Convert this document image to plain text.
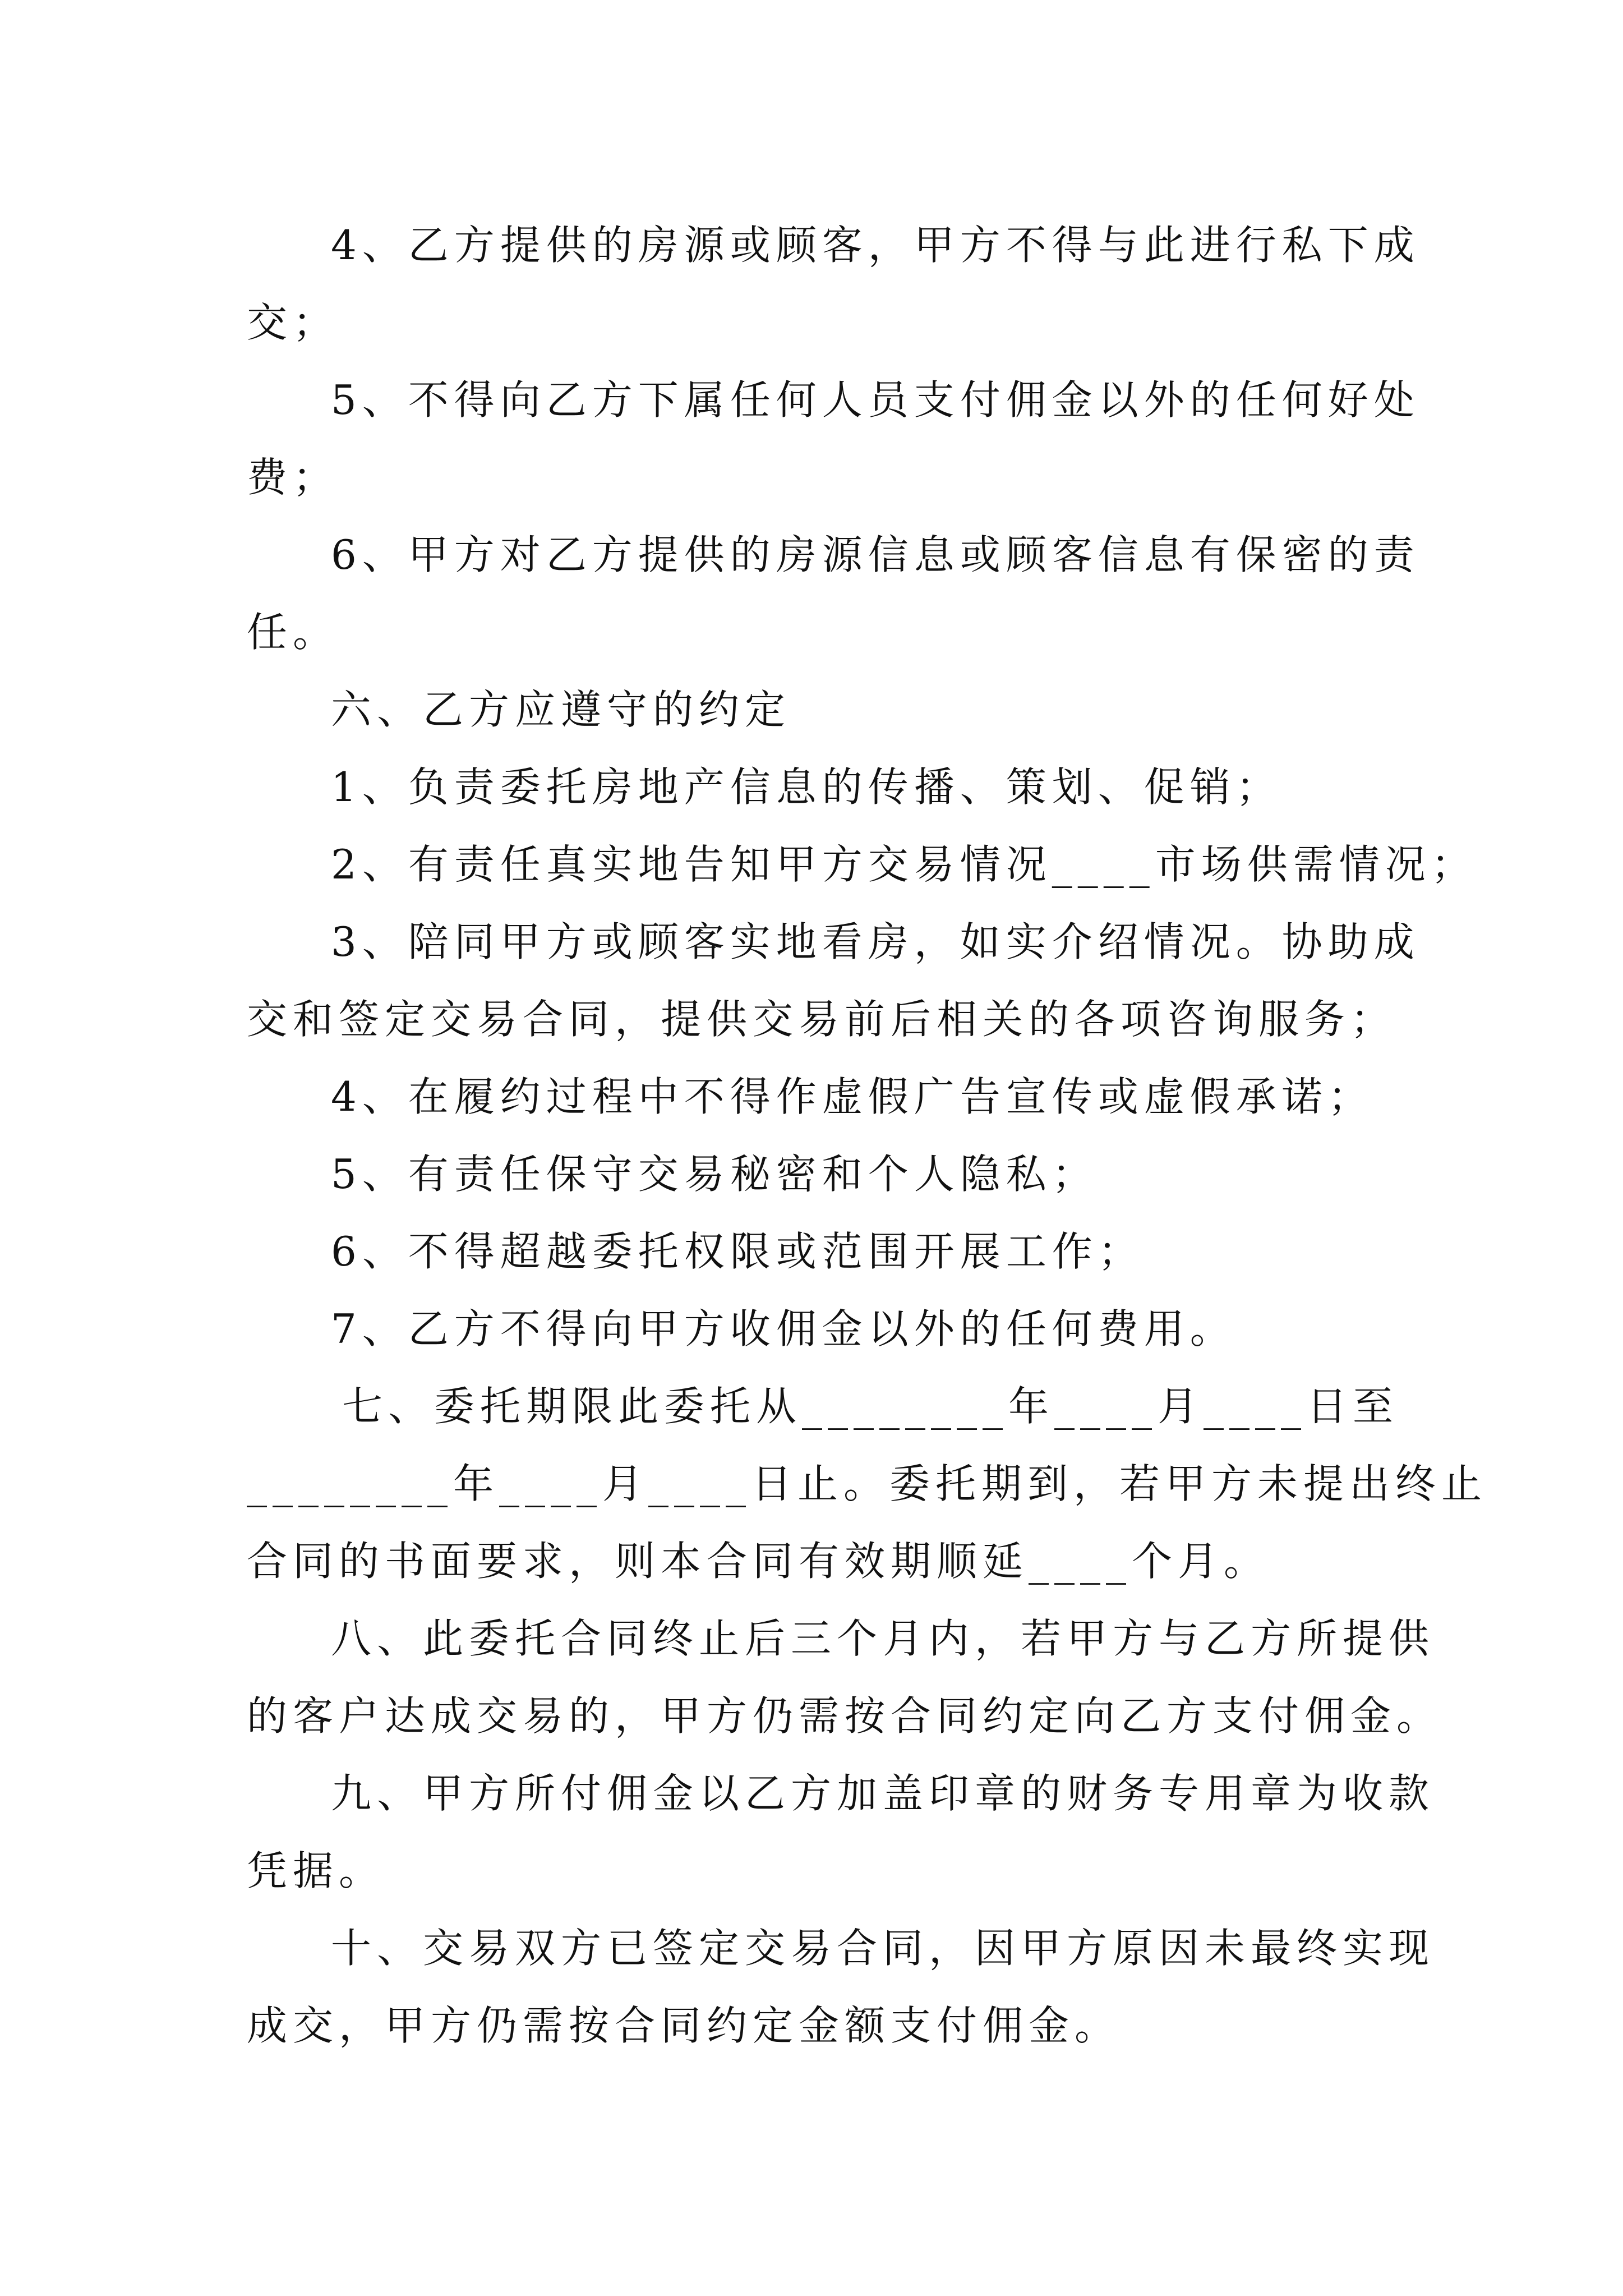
4、乙方提供的房源或顾客，甲方不得与此进行私下成
交；
5、不得向乙方下属任何人员支付佣金以外的任何好处
费；
6、甲方对乙方提供的房源信息或顾客信息有保密的责
任。
六、乙方应遵守的约定
1、负责委托房地产信息的传播、策划、促销；
2、有责任真实地告知甲方交易情况____市场供需情况；
3、陪同甲方或顾客实地看房，如实介绍情况。协助成
交和签定交易合同，提供交易前后相关的各项咨询服务；
4、在履约过程中不得作虚假广告宣传或虚假承诺；
5、有责任保守交易秘密和个人隐私；
6、不得超越委托权限或范围开展工作；
7、乙方不得向甲方收佣金以外的任何费用。
七、委托期限此委托从________年____月____日至
________年____月____日止。委托期到，若甲方未提出终止
合同的书面要求，则本合同有效期顺延____个月。
八、此委托合同终止后三个月内，若甲方与乙方所提供
的客户达成交易的，甲方仍需按合同约定向乙方支付佣金。
九、甲方所付佣金以乙方加盖印章的财务专用章为收款
凭据。
十、交易双方已签定交易合同，因甲方原因未最终实现
成交，甲方仍需按合同约定金额支付佣金。
